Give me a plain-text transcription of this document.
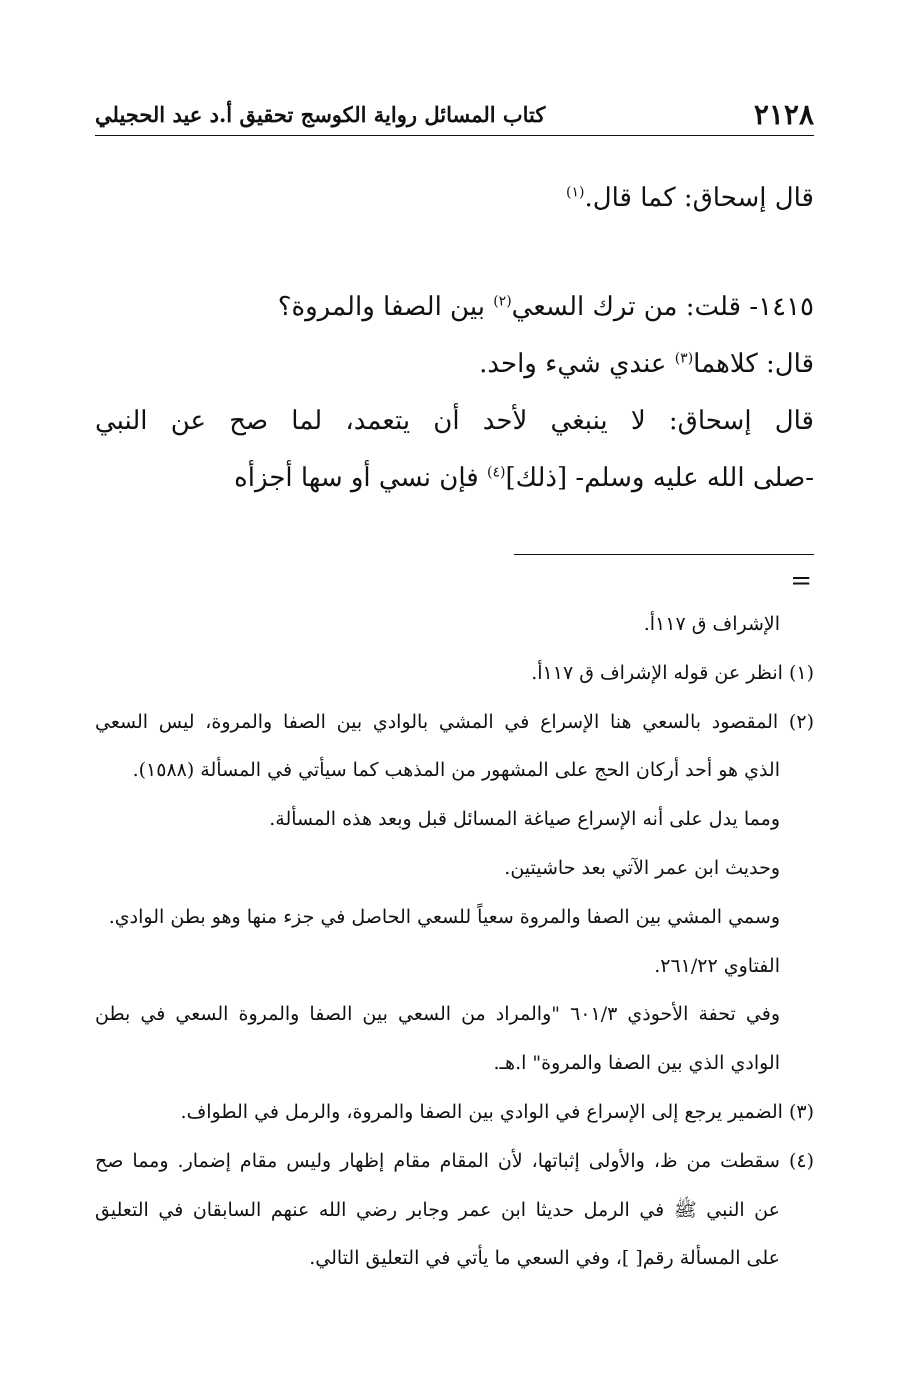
٢١٢٨
كتاب المسائل رواية الكوسج تحقيق أ.د عيد الحجيلي

قال إسحاق: كما قال.$^{(١)}$

١٤١٥- قلت: من ترك السعي$^{(٢)}$ بين الصفا والمروة؟

قال: كلاهما$^{(٣)}$ عندي شيء واحد.

قال إسحاق: لا ينبغي لأحد أن يتعمد، لما صح عن النبي

-صلى الله عليه وسلم- [ذلك]$^{(٤)}$ فإن نسي أو سها أجزأه

=

الإشراف ق ١١٧أ.

(١) انظر عن قوله الإشراف ق ١١٧أ.

(٢) المقصود بالسعي هنا الإسراع في المشي بالوادي بين الصفا والمروة، ليس السعي

الذي هو أحد أركان الحج على المشهور من المذهب كما سيأتي في المسألة (١٥٨٨).

ومما يدل على أنه الإسراع صياغة المسائل قبل وبعد هذه المسألة.

وحديث ابن عمر الآتي بعد حاشيتين.

وسمي المشي بين الصفا والمروة سعياً للسعي الحاصل في جزء منها وهو بطن الوادي.

الفتاوي ٢٦١/٢٢.

وفي تحفة الأحوذي ٦٠١/٣ "والمراد من السعي بين الصفا والمروة السعي في بطن

الوادي الذي بين الصفا والمروة" ا.هـ.

(٣) الضمير يرجع إلى الإسراع في الوادي بين الصفا والمروة، والرمل في الطواف.

(٤) سقطت من ظ، والأولى إثباتها، لأن المقام مقام إظهار وليس مقام إضمار. ومما صح

عن النبي ﷺ في الرمل حديثا ابن عمر وجابر رضي الله عنهم السابقان في التعليق

على المسألة رقم[ ]، وفي السعي ما يأتي في التعليق التالي.
